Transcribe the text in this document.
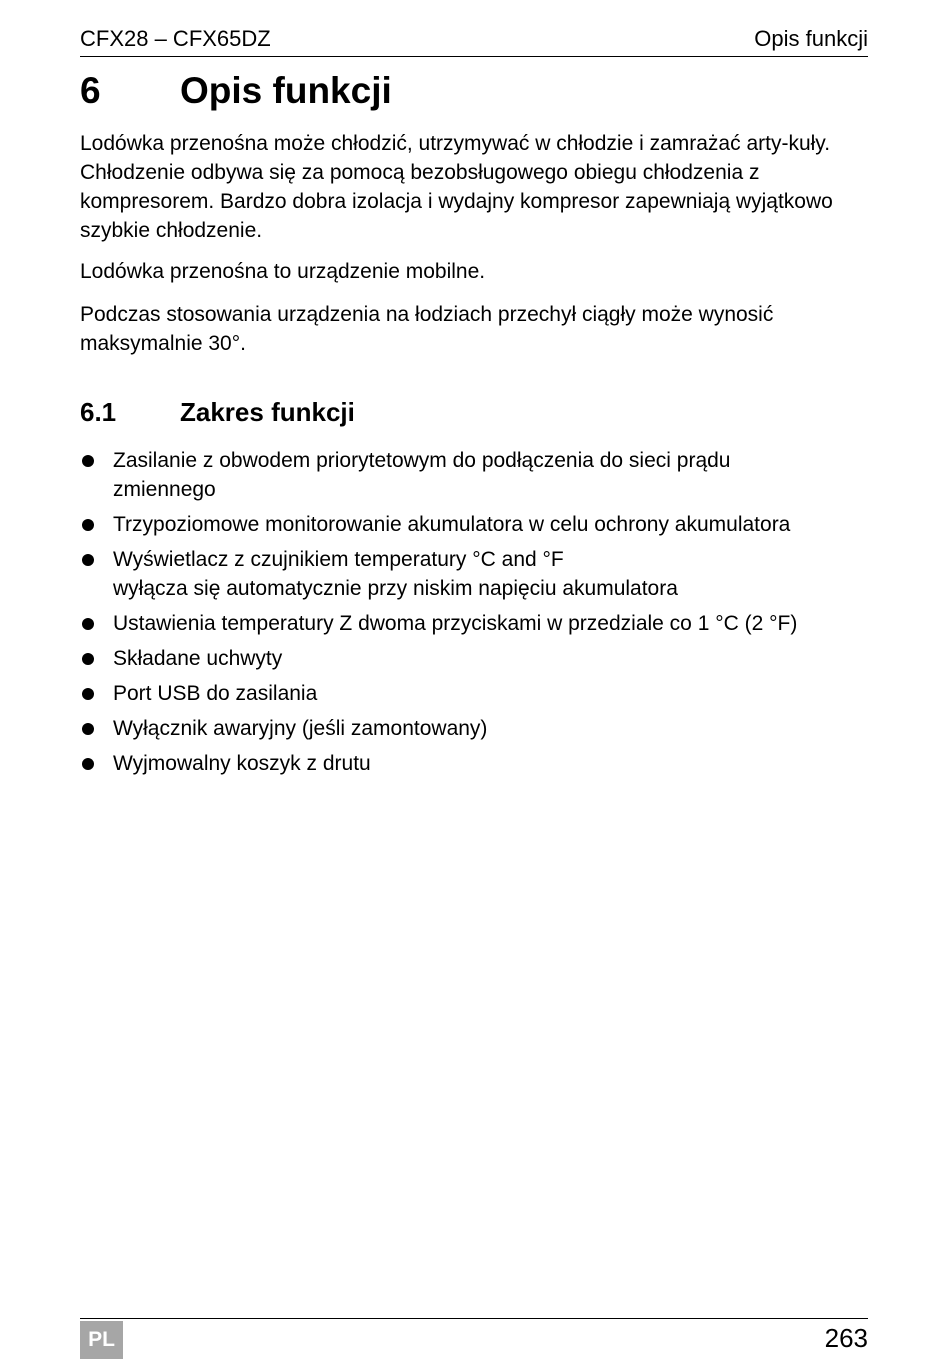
CFX28 – CFX65DZ	Opis funkcji
6 Opis funkcji

Lodówka przenośna może chłodzić, utrzymywać w chłodzie i zamrażać arty-kuły. Chłodzenie odbywa się za pomocą bezobsługowego obiegu chłodzenia z kompresorem. Bardzo dobra izolacja i wydajny kompresor zapewniają wyjątkowo szybkie chłodzenie.

Lodówka przenośna to urządzenie mobilne.

Podczas stosowania urządzenia na łodziach przechył ciągły może wynosić maksymalnie 30°.

6.1 Zakres funkcji
Zasilanie z obwodem priorytetowym do podłączenia do sieci prądu
zmiennego
Trzypoziomowe monitorowanie akumulatora w celu ochrony akumulatora
Wyświetlacz z czujnikiem temperatury °C and °F
wyłącza się automatycznie przy niskim napięciu akumulatora
Ustawienia temperatury Z dwoma przyciskami w przedziale co 1 °C (2 °F)
Składane uchwyty
Port USB do zasilania
Wyłącznik awaryjny (jeśli zamontowany)
Wyjmowalny koszyk z drutu
PL	263
